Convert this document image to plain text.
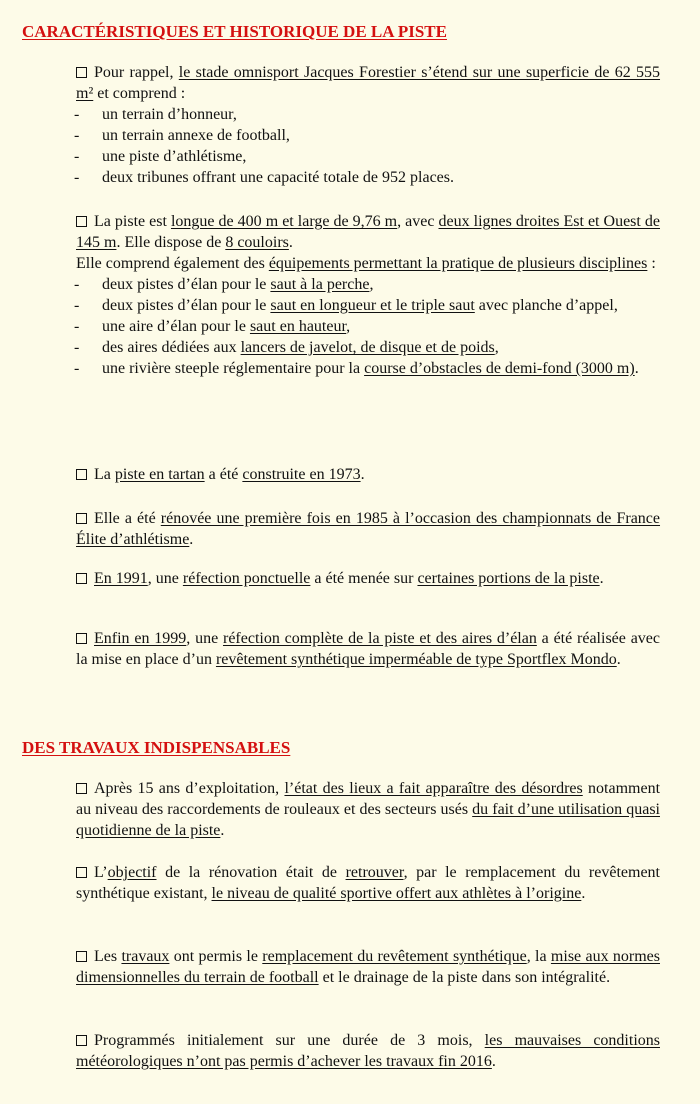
CARACTÉRISTIQUES ET HISTORIQUE DE LA PISTE

Pour rappel, le stade omnisport Jacques Forestier s’étend sur une superficie de 62 555 m² et comprend :

- un terrain d’honneur,
- un terrain annexe de football,
- une piste d’athlétisme,
- deux tribunes offrant une capacité totale de 952 places.

La piste est longue de 400 m et large de 9,76 m, avec deux lignes droites Est et Ouest de 145 m. Elle dispose de 8 couloirs.

Elle comprend également des équipements permettant la pratique de plusieurs disciplines :

- deux pistes d’élan pour le saut à la perche,
- deux pistes d’élan pour le saut en longueur et le triple saut avec planche d’appel,
- une aire d’élan pour le saut en hauteur,
- des aires dédiées aux lancers de javelot, de disque et de poids,
- une rivière steeple réglementaire pour la course d’obstacles de demi-fond (3000 m).

La piste en tartan a été construite en 1973.

Elle a été rénovée une première fois en 1985 à l’occasion des championnats de France Élite d’athlétisme.

En 1991, une réfection ponctuelle a été menée sur certaines portions de la piste.

Enfin en 1999, une réfection complète de la piste et des aires d’élan a été réalisée avec la mise en place d’un revêtement synthétique imperméable de type Sportflex Mondo.

DES TRAVAUX INDISPENSABLES

Après 15 ans d’exploitation, l’état des lieux a fait apparaître des désordres notamment au niveau des raccordements de rouleaux et des secteurs usés du fait d’une utilisation quasi quotidienne de la piste.

L’objectif de la rénovation était de retrouver, par le remplacement du revêtement synthétique existant, le niveau de qualité sportive offert aux athlètes à l’origine.

Les travaux ont permis le remplacement du revêtement synthétique, la mise aux normes dimensionnelles du terrain de football et le drainage de la piste dans son intégralité.

Programmés initialement sur une durée de 3 mois, les mauvaises conditions météorologiques n’ont pas permis d’achever les travaux fin 2016.
